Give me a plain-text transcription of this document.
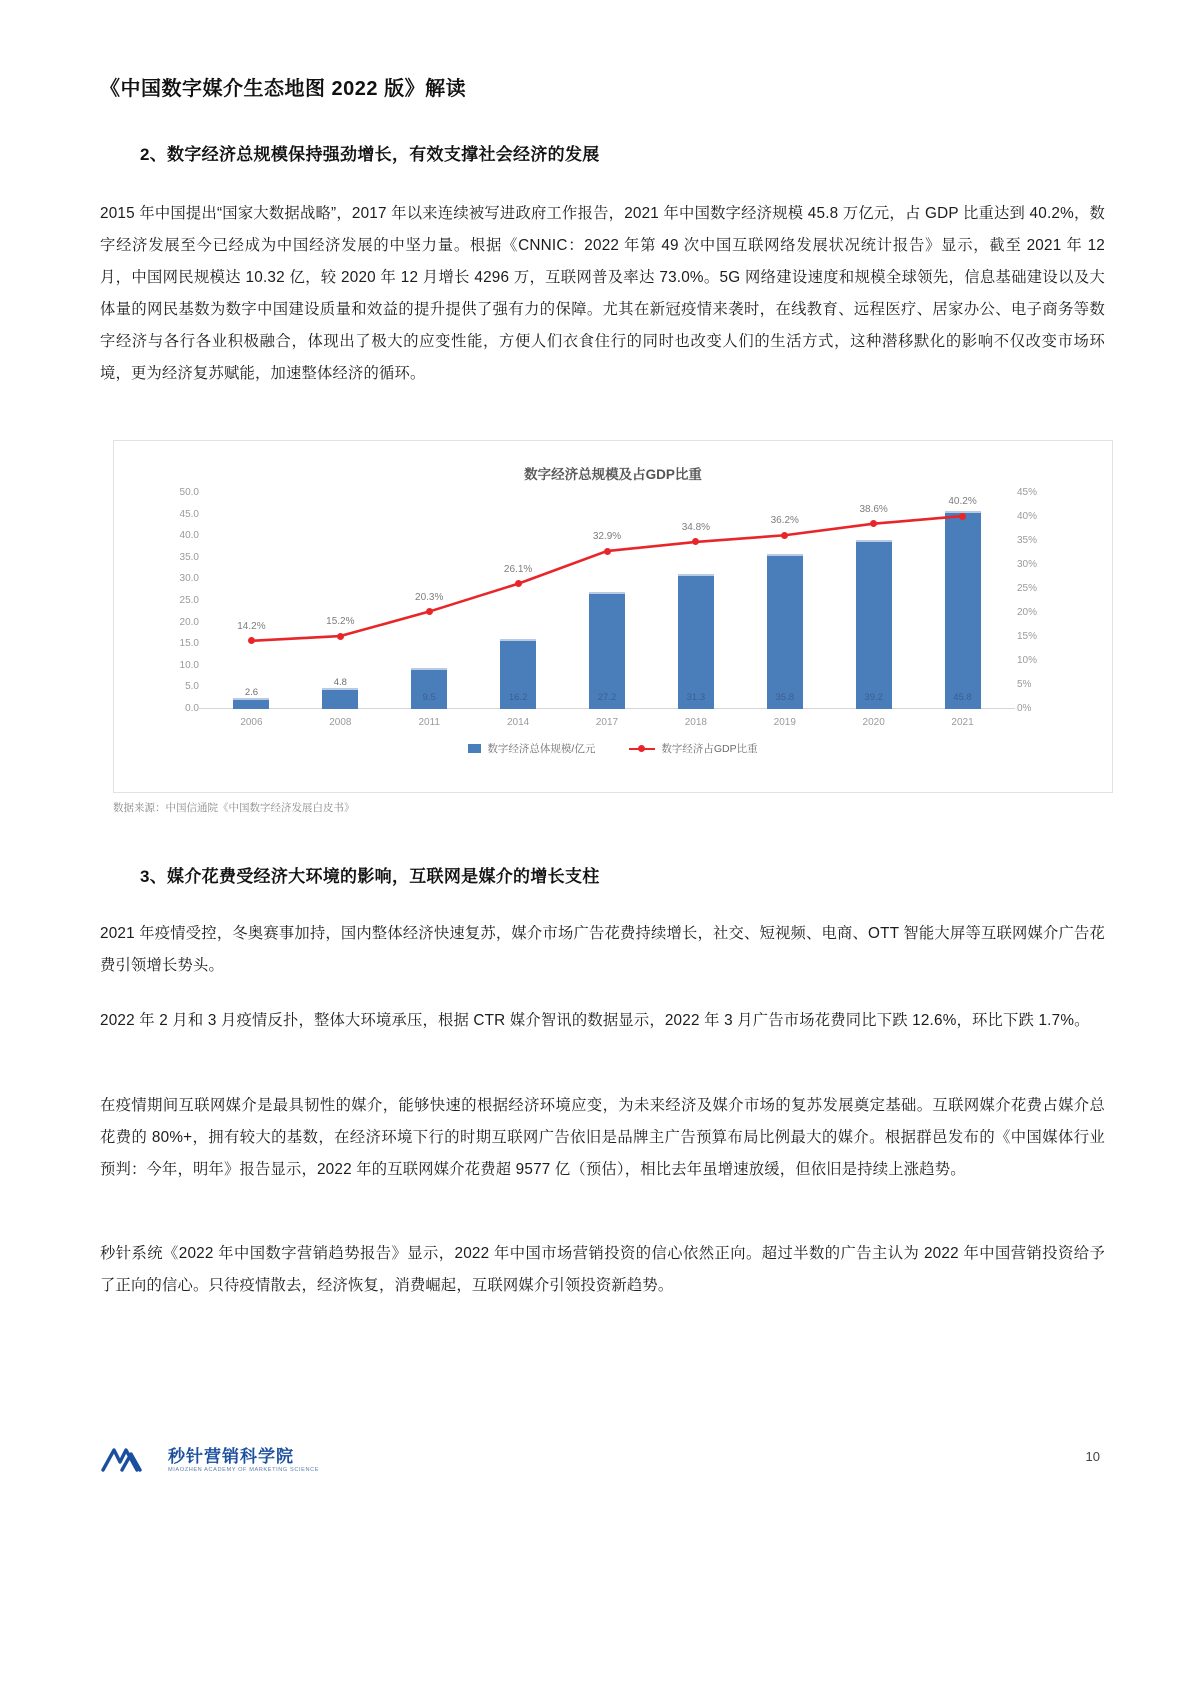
《中国数字媒介生态地图 2022 版》解读
2、数字经济总规模保持强劲增长，有效支撑社会经济的发展
2015 年中国提出“国家大数据战略”，2017 年以来连续被写进政府工作报告，2021 年中国数字经济规模 45.8 万亿元，占 GDP 比重达到 40.2%，数字经济发展至今已经成为中国经济发展的中坚力量。根据《CNNIC：2022 年第 49 次中国互联网络发展状况统计报告》显示，截至 2021 年 12 月，中国网民规模达 10.32 亿，较 2020 年 12 月增长 4296 万，互联网普及率达 73.0%。5G 网络建设速度和规模全球领先，信息基础建设以及大体量的网民基数为数字中国建设质量和效益的提升提供了强有力的保障。尤其在新冠疫情来袭时，在线教育、远程医疗、居家办公、电子商务等数字经济与各行各业积极融合，体现出了极大的应变性能，方便人们衣食住行的同时也改变人们的生活方式，这种潜移默化的影响不仅改变市场环境，更为经济复苏赋能，加速整体经济的循环。
数字经济总规模及占GDP比重
50.0
45.0
40.0
35.0
30.0
25.0
20.0
15.0
10.0
5.0
0.0
45%
40%
35%
30%
25%
20%
15%
10%
5%
0%
2.6
2006
4.8
2008
9.5
2011
16.2
2014
27.2
2017
31.3
2018
35.8
2019
39.2
2020
45.8
2021
14.2%	15.2%
20.3%
26.1%
32.9%
34.8%
36.2%
38.6%
40.2%
数字经济总体规模/亿元	数字经济占GDP比重
数据来源：中国信通院《中国数字经济发展白皮书》
3、媒介花费受经济大环境的影响，互联网是媒介的增长支柱
2021 年疫情受控，冬奥赛事加持，国内整体经济快速复苏，媒介市场广告花费持续增长，社交、短视频、电商、OTT 智能大屏等互联网媒介广告花费引领增长势头。
2022 年 2 月和 3 月疫情反扑，整体大环境承压，根据 CTR 媒介智讯的数据显示，2022 年 3 月广告市场花费同比下跌 12.6%，环比下跌 1.7%。
在疫情期间互联网媒介是最具韧性的媒介，能够快速的根据经济环境应变，为未来经济及媒介市场的复苏发展奠定基础。互联网媒介花费占媒介总花费的 80%+，拥有较大的基数，在经济环境下行的时期互联网广告依旧是品牌主广告预算布局比例最大的媒介。根据群邑发布的《中国媒体行业预判：今年，明年》报告显示，2022 年的互联网媒介花费超 9577 亿（预估），相比去年虽增速放缓，但依旧是持续上涨趋势。
秒针系统《2022 年中国数字营销趋势报告》显示，2022 年中国市场营销投资的信心依然正向。超过半数的广告主认为 2022 年中国营销投资给予了正向的信心。只待疫情散去，经济恢复，消费崛起，互联网媒介引领投资新趋势。
秒针营销科学院
MIAOZHEN ACADEMY OF MARKETING SCIENCE
10
